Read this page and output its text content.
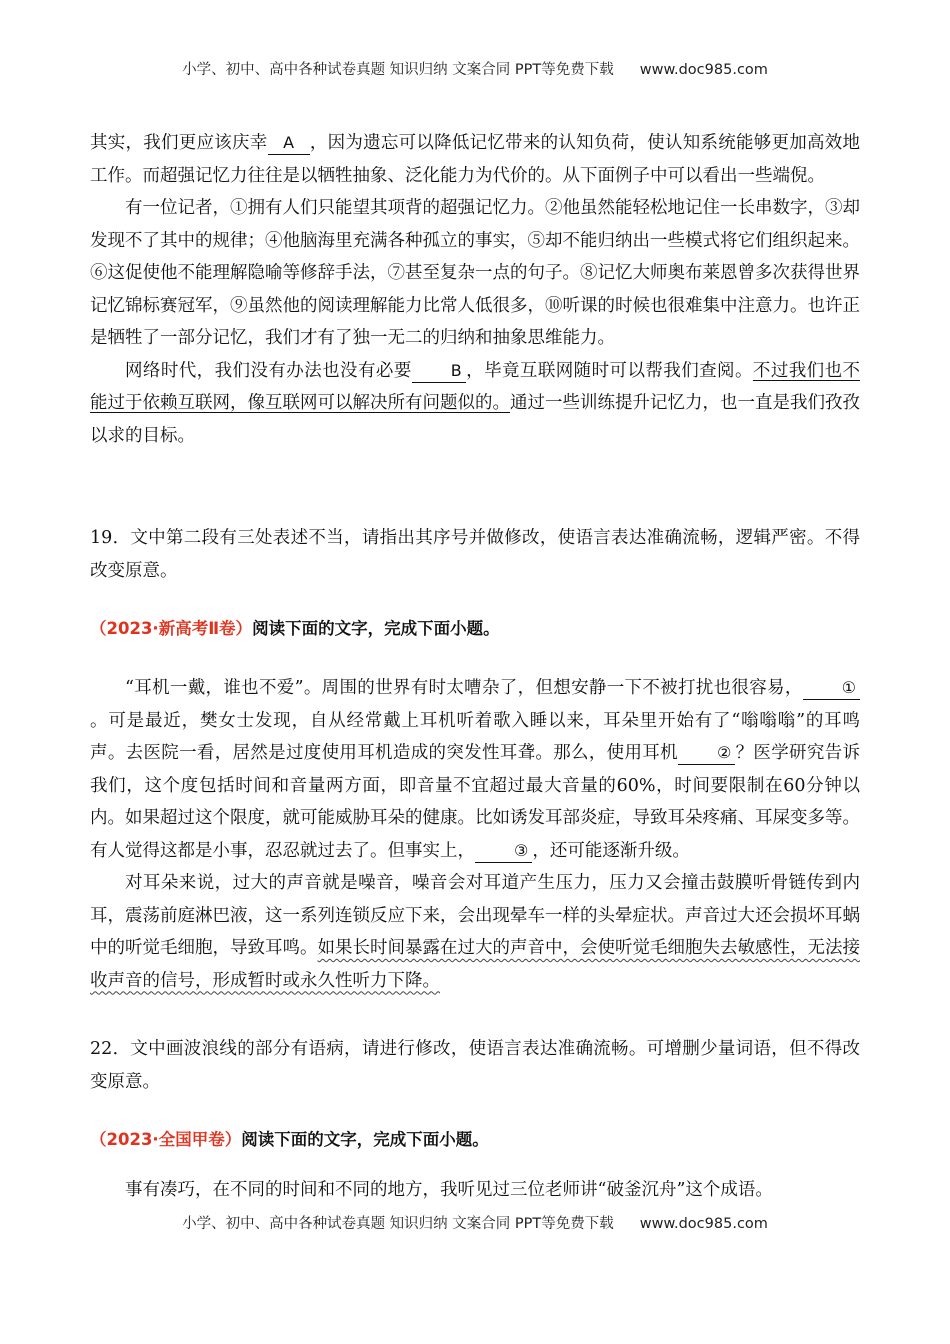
小学、初中、高中各种试卷真题 知识归纳 文案合同 PPT等免费下载 www.doc985.com

其实，我们更应该庆幸 A ，因为遗忘可以降低记忆带来的认知负荷，使认知系统能够更加高效地工作。而超强记忆力往往是以牺牲抽象、泛化能力为代价的。从下面例子中可以看出一些端倪。

有一位记者，①拥有人们只能望其项背的超强记忆力。②他虽然能轻松地记住一长串数字，③却发现不了其中的规律；④他脑海里充满各种孤立的事实，⑤却不能归纳出一些模式将它们组织起来。⑥这促使他不能理解隐喻等修辞手法，⑦甚至复杂一点的句子。⑧记忆大师奥布莱恩曾多次获得世界记忆锦标赛冠军，⑨虽然他的阅读理解能力比常人低很多，⑩听课的时候也很难集中注意力。也许正是牺牲了一部分记忆，我们才有了独一无二的归纳和抽象思维能力。

网络时代，我们没有办法也没有必要 B ，毕竟互联网随时可以帮我们查阅。不过我们也不能过于依赖互联网，像互联网可以解决所有问题似的。通过一些训练提升记忆力，也一直是我们孜孜以求的目标。

19．文中第二段有三处表述不当，请指出其序号并做修改，使语言表达准确流畅，逻辑严密。不得改变原意。

（2023·新高考Ⅱ卷）阅读下面的文字，完成下面小题。

“耳机一戴，谁也不爱”。周围的世界有时太嘈杂了，但想安静一下不被打扰也很容易， ①。可是最近，樊女士发现，自从经常戴上耳机听着歌入睡以来，耳朵里开始有了“嗡嗡嗡”的耳鸣声。去医院一看，居然是过度使用耳机造成的突发性耳聋。那么，使用耳机 ② ？医学研究告诉我们，这个度包括时间和音量两方面，即音量不宜超过最大音量的60%，时间要限制在60分钟以内。如果超过这个限度，就可能威胁耳朵的健康。比如诱发耳部炎症，导致耳朵疼痛、耳屎变多等。有人觉得这都是小事，忍忍就过去了。但事实上， ③ ，还可能逐渐升级。

对耳朵来说，过大的声音就是噪音，噪音会对耳道产生压力，压力又会撞击鼓膜听骨链传到内耳，震荡前庭淋巴液，这一系列连锁反应下来，会出现晕车一样的头晕症状。声音过大还会损坏耳蜗中的听觉毛细胞，导致耳鸣。如果长时间暴露在过大的声音中，会使听觉毛细胞失去敏感性，无法接收声音的信号，形成暂时或永久性听力下降。

22．文中画波浪线的部分有语病，请进行修改，使语言表达准确流畅。可增删少量词语，但不得改变原意。

（2023·全国甲卷）阅读下面的文字，完成下面小题。

事有凑巧，在不同的时间和不同的地方，我听见过三位老师讲“破釜沉舟”这个成语。

小学、初中、高中各种试卷真题 知识归纳 文案合同 PPT等免费下载 www.doc985.com
